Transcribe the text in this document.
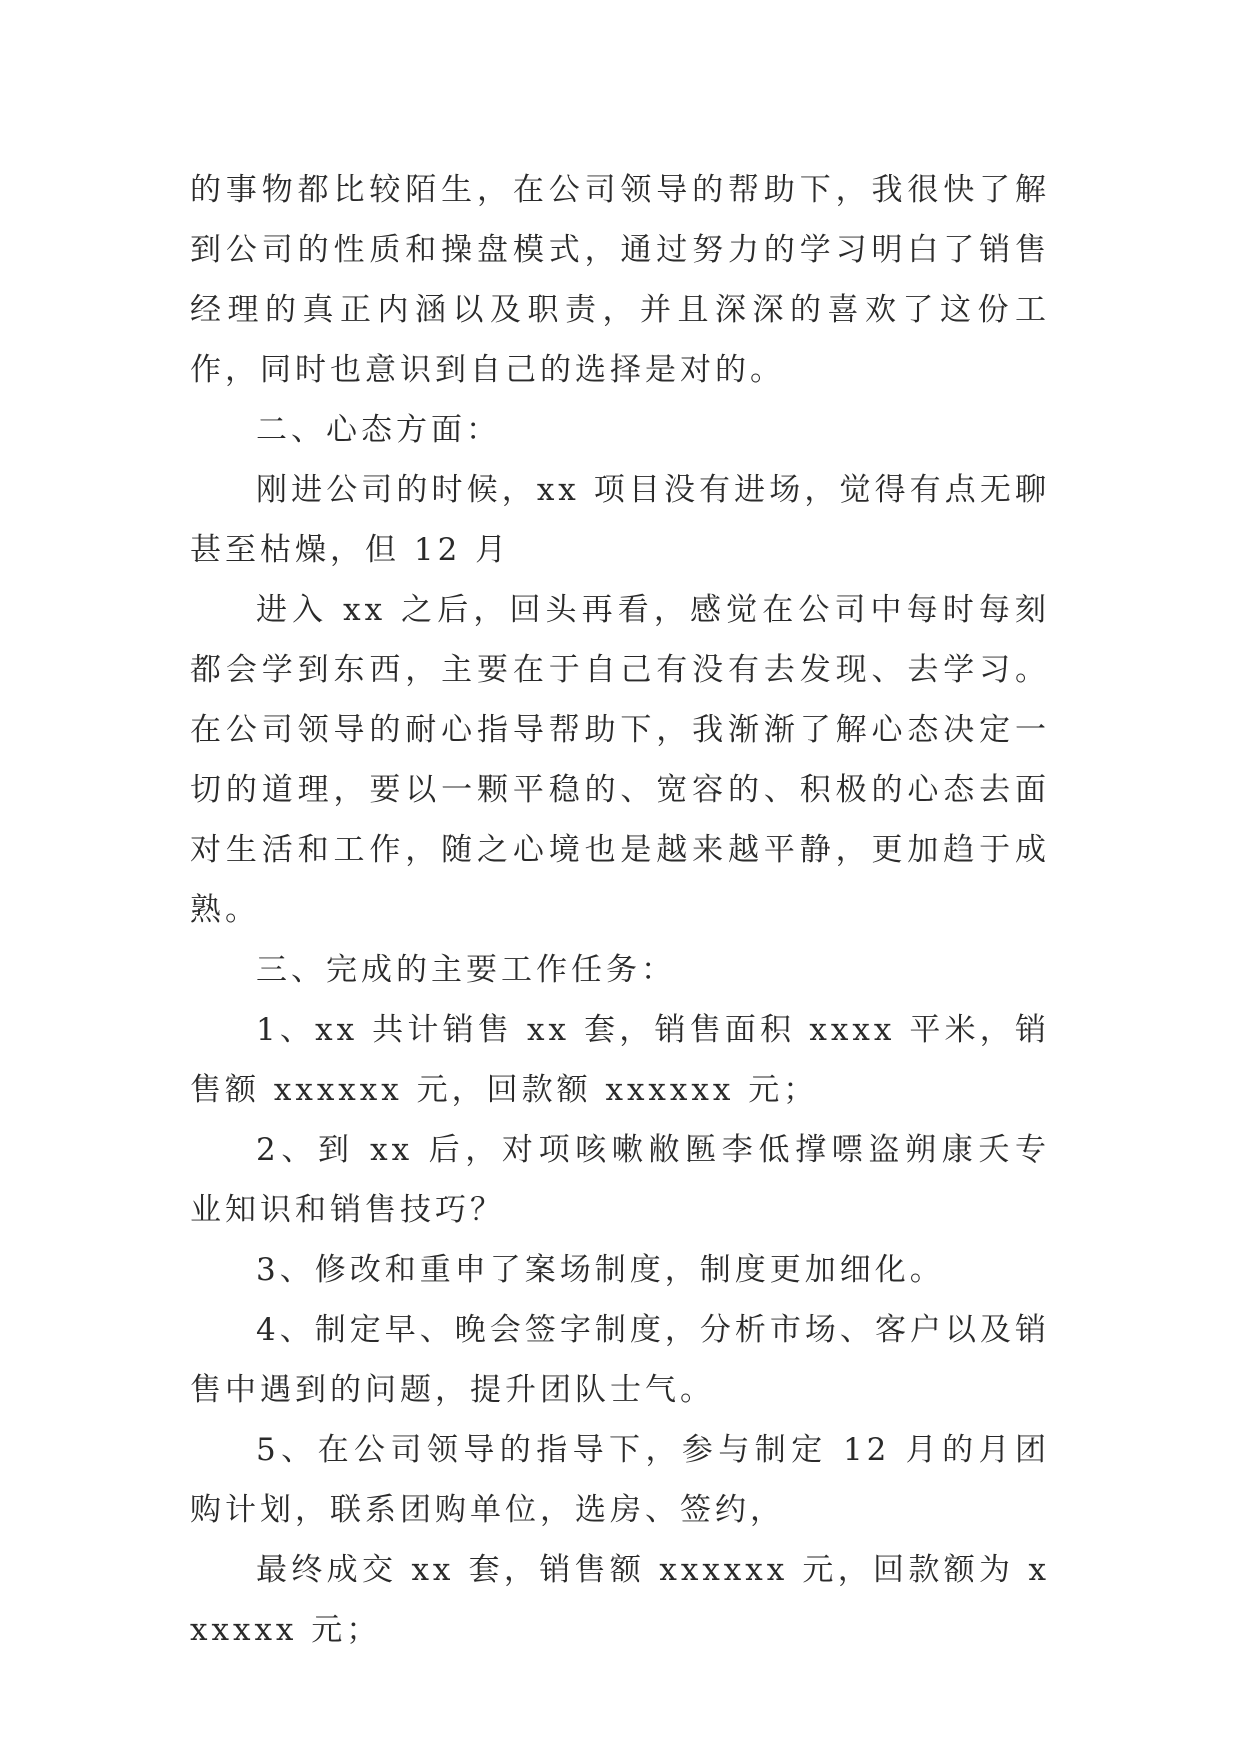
的事物都比较陌生，在公司领导的帮助下，我很快了解到公司的性质和操盘模式，通过努力的学习明白了销售经理的真正内涵以及职责，并且深深的喜欢了这份工作，同时也意识到自己的选择是对的。

二、心态方面：

刚进公司的时候，xx 项目没有进场，觉得有点无聊甚至枯燥，但 12 月

进入 xx 之后，回头再看，感觉在公司中每时每刻都会学到东西，主要在于自己有没有去发现、去学习。在公司领导的耐心指导帮助下，我渐渐了解心态决定一切的道理，要以一颗平稳的、宽容的、积极的心态去面对生活和工作，随之心境也是越来越平静，更加趋于成熟。

三、完成的主要工作任务：

1、xx 共计销售 xx 套，销售面积 xxxx 平米，销售额 xxxxxx 元，回款额 xxxxxx 元；

2、到 xx 后，对项咳嗽敝匦李低撑嘌盗朔康夭专业知识和销售技巧？

3、修改和重申了案场制度，制度更加细化。

4、制定早、晚会签字制度，分析市场、客户以及销售中遇到的问题，提升团队士气。

5、在公司领导的指导下，参与制定 12 月的月团购计划，联系团购单位，选房、签约，

最终成交 xx 套，销售额 xxxxxx 元，回款额为 xxxxxx 元；
